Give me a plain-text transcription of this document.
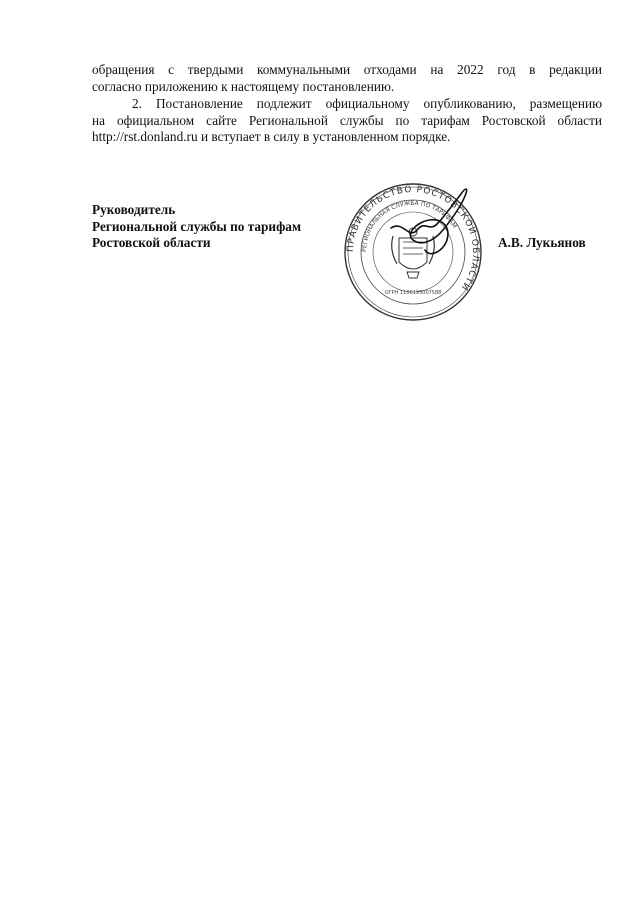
обращения с твердыми коммунальными отходами на 2022 год в редакции
согласно приложению к настоящему постановлению.
2. Постановление подлежит официальному опубликованию, размещению
на официальном сайте Региональной службы по тарифам Ростовской области
http://rst.donland.ru и вступает в силу в установленном порядке.
Руководитель
Региональной службы по тарифам
Ростовской области	А.В. Лукьянов
ПРАВИТЕЛЬСТВО РОСТОВСКОЙ ОБЛАСТИ
РЕГИОНАЛЬНАЯ СЛУЖБА ПО ТАРИФАМ
ОГРН 1106195007588
